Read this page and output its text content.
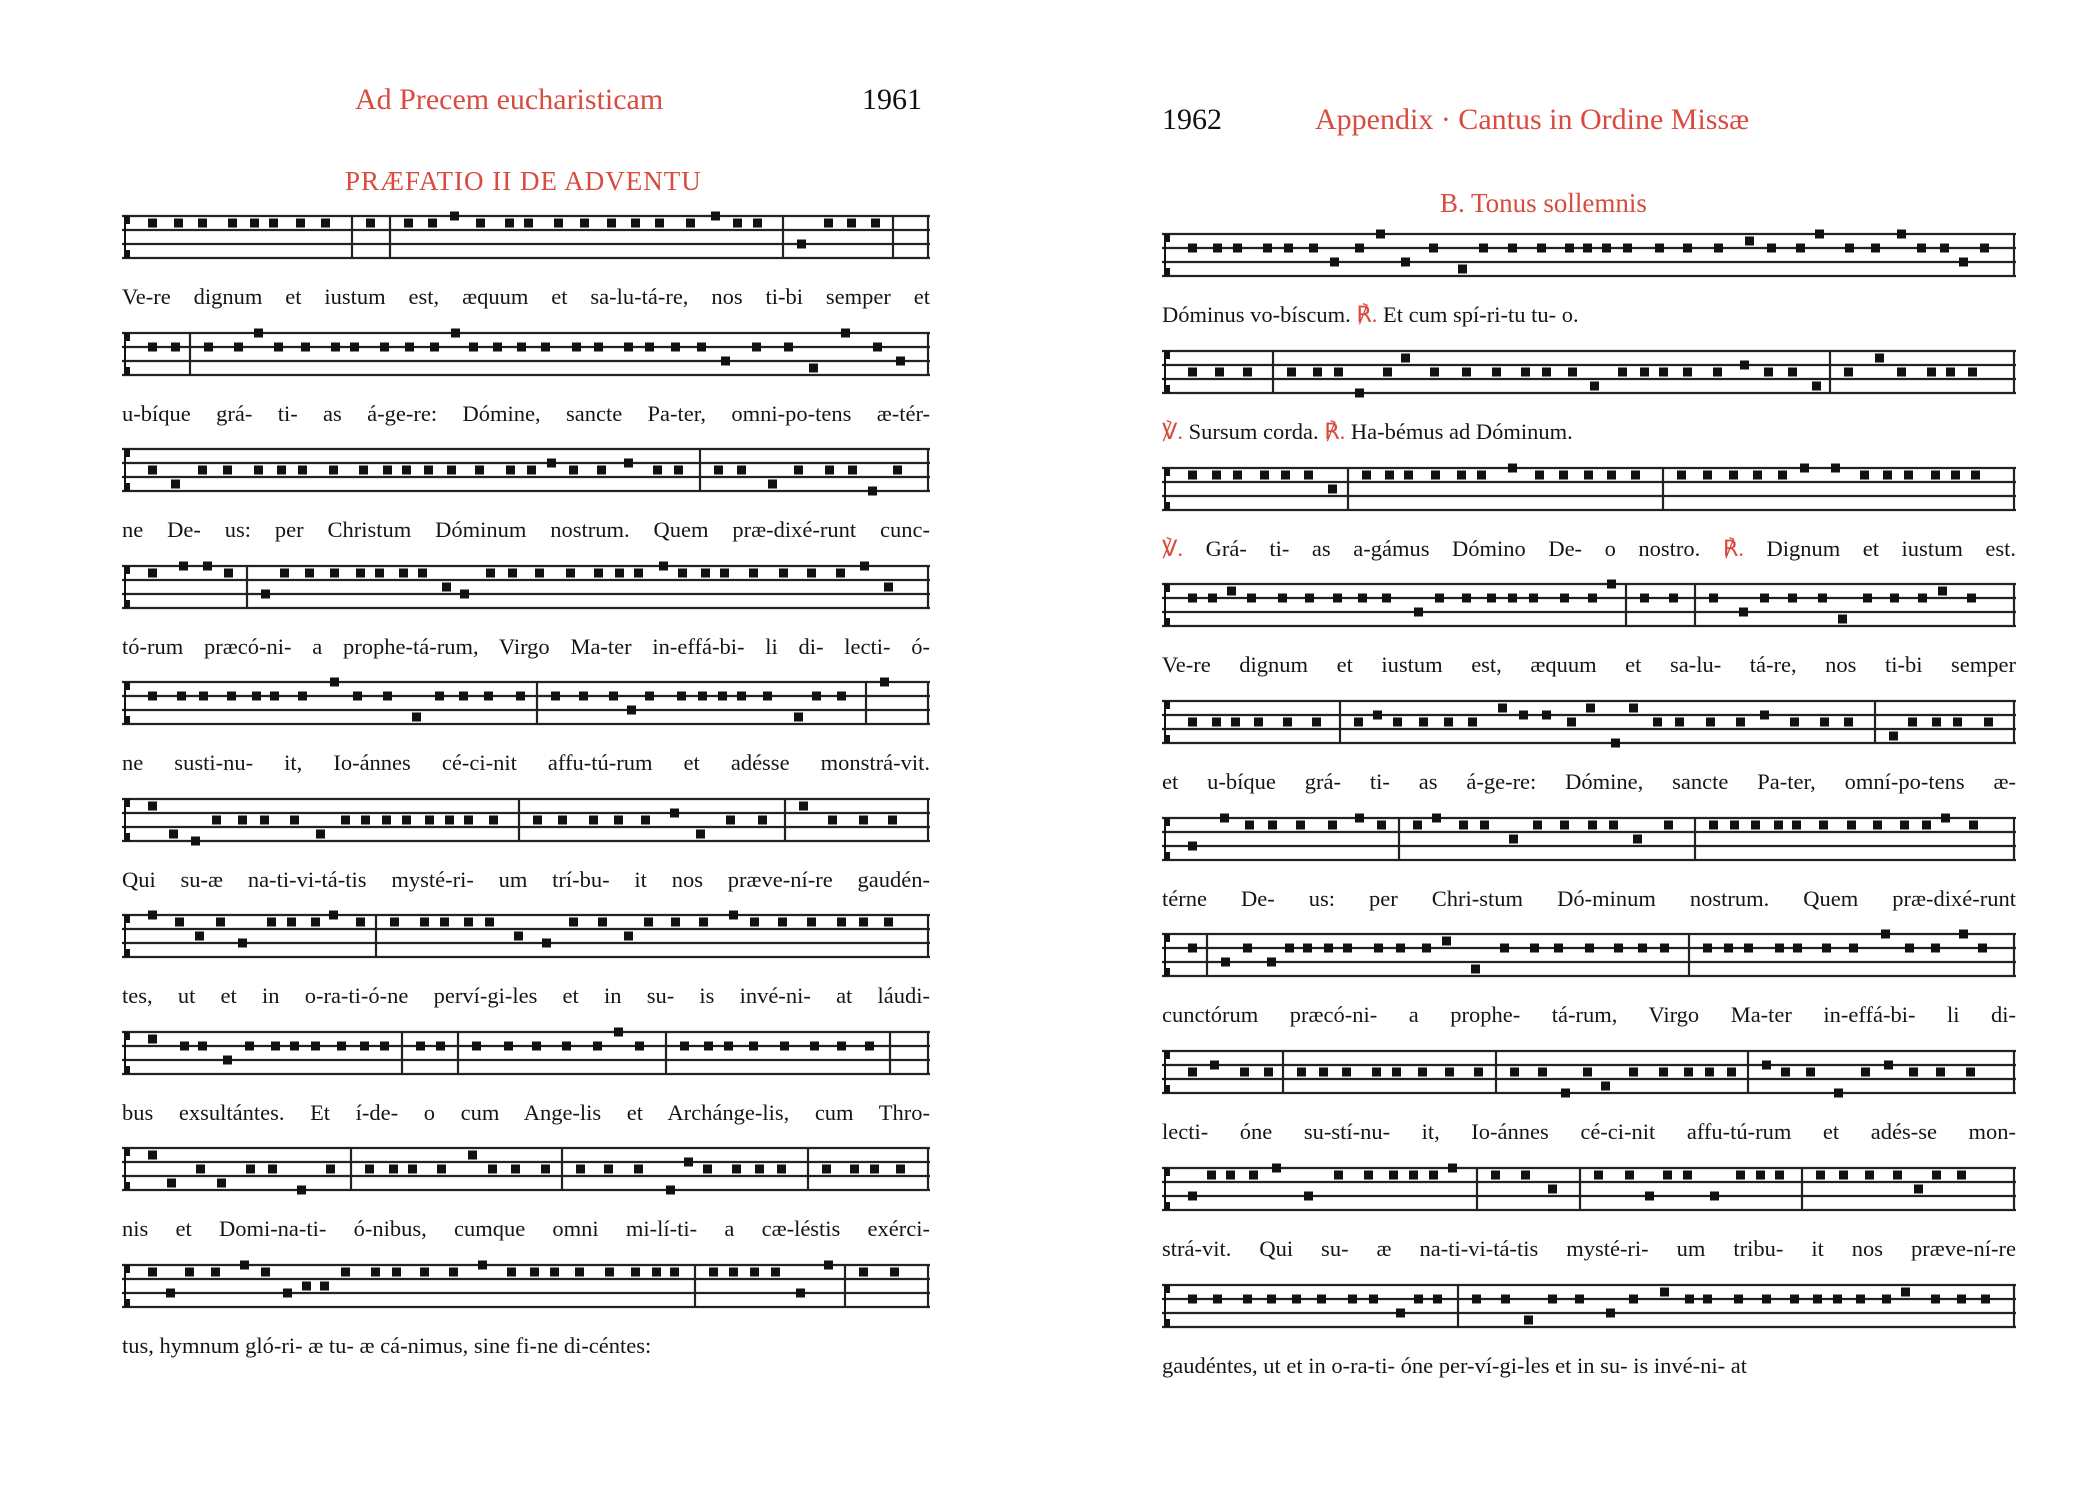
Ad Precem eucharisticam	1961
PRÆFATIO II DE ADVENTU
Ve-re dignum et iustum est, æquum et sa-lu-tá-re, nos ti-bi semper et
u-bíque grá- ti- as á-ge-re: Dómine, sancte Pa-ter, omni-po-tens æ-tér-
ne De- us: per Christum Dóminum nostrum. Quem præ-dixé-runt cunc-
tó-rum præcó-ni- a prophe-tá-rum, Virgo Ma-ter in-effá-bi- li di- lecti- ó-
ne susti-nu- it, Io-ánnes cé-ci-nit affu-tú-rum et adésse monstrá-vit.
Qui su-æ na-ti-vi-tá-tis mysté-ri- um trí-bu- it nos præve-ní-re gaudén-
tes, ut et in o-ra-ti-ó-ne perví-gi-les et in su- is invé-ni- at láudi-
bus exsultántes. Et í-de- o cum Ange-lis et Archánge-lis, cum Thro-
nis et Domi-na-ti- ó-nibus, cumque omni mi-lí-ti- a cæ-léstis exérci-
tus, hymnum gló-ri- æ tu- æ cá-nimus, sine fi-ne di-céntes:
1962	Appendix · Cantus in Ordine Missæ
B. Tonus sollemnis
Dóminus vo-bíscum. ℟. Et cum spí-ri-tu tu- o.
℣. Sursum corda. ℟. Ha-bémus ad Dóminum.
℣. Grá- ti- as a-gámus Dómino De- o nostro. ℟. Dignum et iustum est.
Ve-re dignum et iustum est, æquum et sa-lu- tá-re, nos ti-bi semper
et u-bíque grá- ti- as á-ge-re: Dómine, sancte Pa-ter, omní-po-tens æ-
térne De- us: per Chri-stum Dó-minum nostrum. Quem præ-dixé-runt
cunctórum præcó-ni- a prophe- tá-rum, Virgo Ma-ter in-effá-bi- li di-
lecti- óne su-stí-nu- it, Io-ánnes cé-ci-nit affu-tú-rum et adés-se mon-
strá-vit. Qui su- æ na-ti-vi-tá-tis mysté-ri- um tribu- it nos præve-ní-re
gaudéntes, ut et in o-ra-ti- óne per-ví-gi-les et in su- is invé-ni- at
